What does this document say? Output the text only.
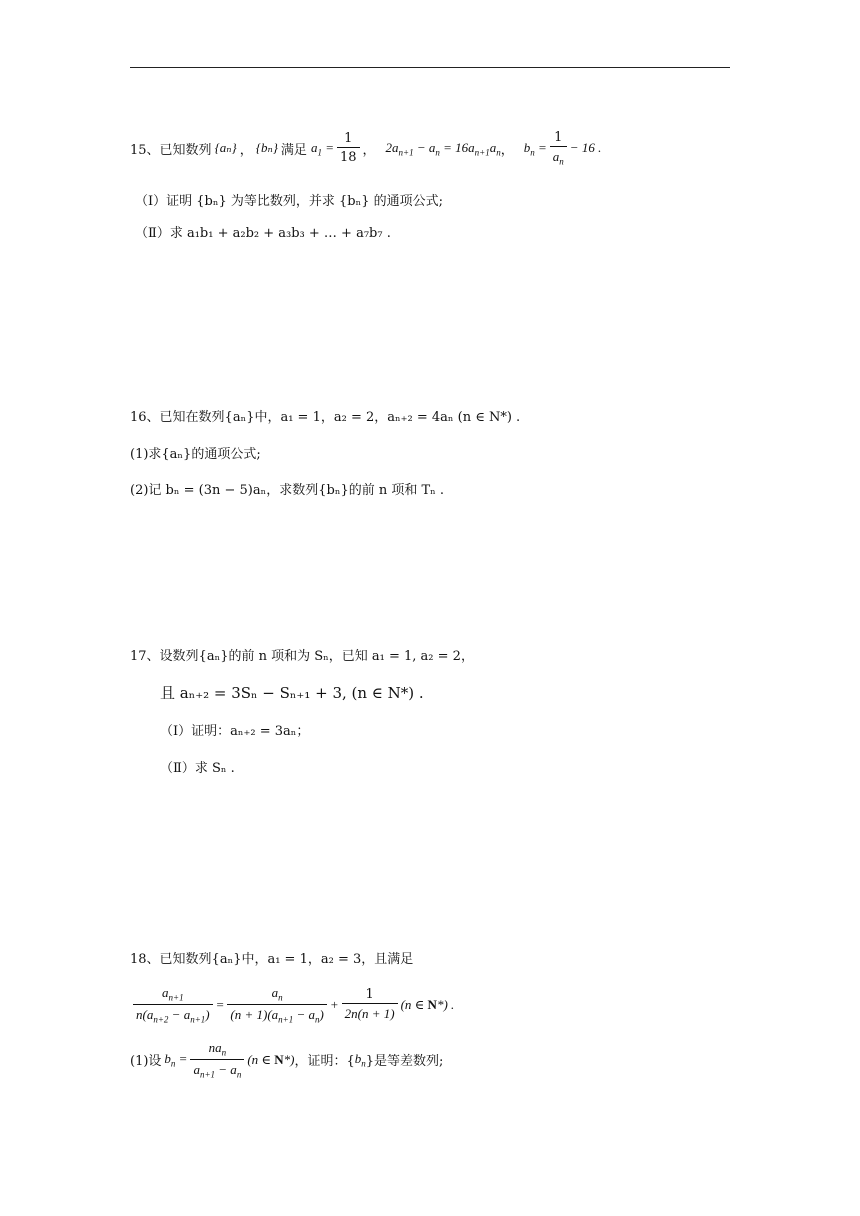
15、 已知数列 {aₙ} ， {bₙ} 满足 $a_1 = \frac{1}{18}$ ， $2a_{n+1} - a_n = 16a_{n+1}a_n$ ， $b_n = \frac{1}{a_n} - 16$ .
（Ⅰ）证明 {bₙ} 为等比数列，并求 {bₙ} 的通项公式;
（Ⅱ）求 a₁b₁ + a₂b₂ + a₃b₃ + … + a₇b₇ .
16、 已知在数列{aₙ}中，a₁ = 1，a₂ = 2，aₙ₊₂ = 4aₙ (n ∈ N*) .
(1)求{aₙ}的通项公式;
(2)记 bₙ = (3n − 5)aₙ，求数列{bₙ}的前 n 项和 Tₙ .
17、 设数列{aₙ}的前 n 项和为 Sₙ，已知 a₁ = 1, a₂ = 2，
且 aₙ₊₂ = 3Sₙ − Sₙ₊₁ + 3, (n ∈ N*) .
（Ⅰ）证明：aₙ₊₂ = 3aₙ；
（Ⅱ）求 Sₙ .
18、 已知数列{aₙ}中，a₁ = 1，a₂ = 3，且满足
$\frac{a_{n+1}}{n(a_{n+2} - a_{n+1})} = \frac{a_n}{(n + 1)(a_{n+1} - a_n)} + \frac{1}{2n(n + 1)} (n$ ∈ N*) .
(1)设 $b_n = \frac{na_n}{a_{n+1} - a_n} (n$ ∈ N*) ，证明：{ $b_n$ }是等差数列;
